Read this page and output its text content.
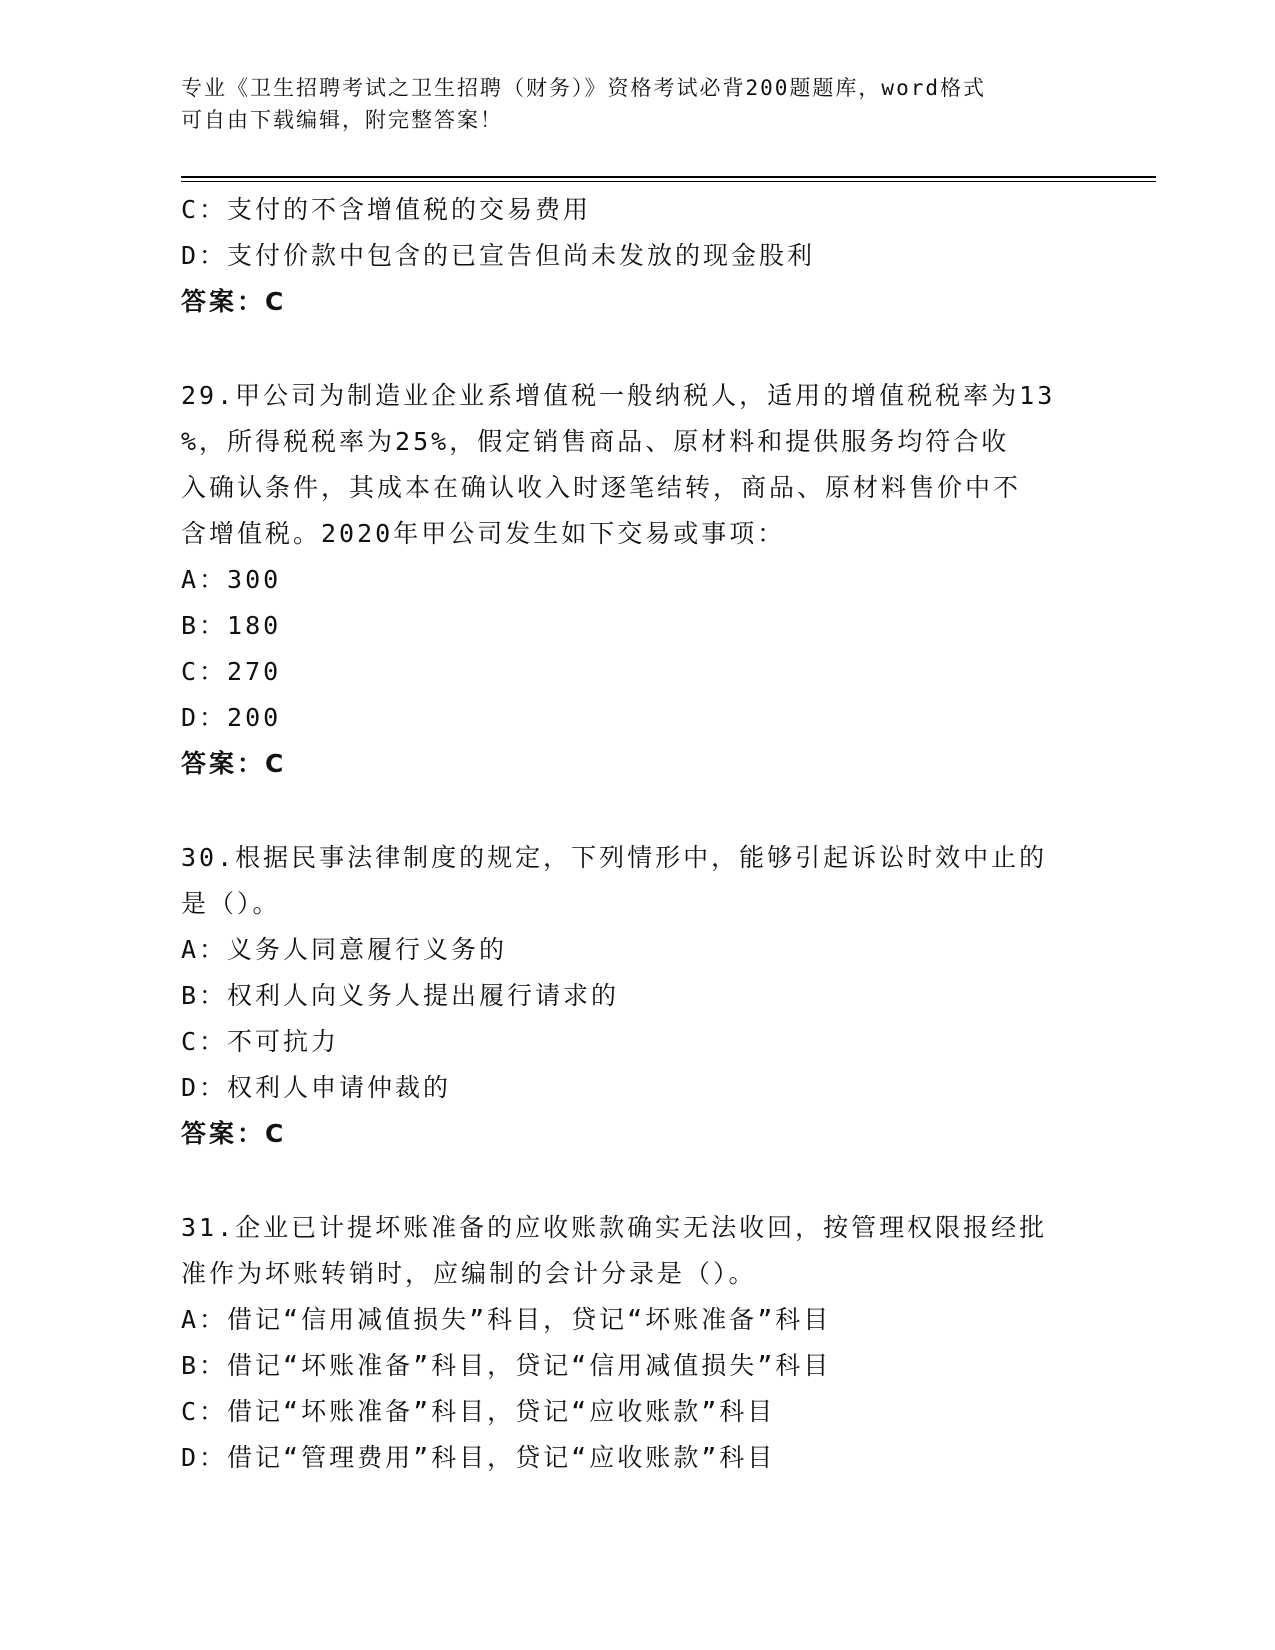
专业《卫生招聘考试之卫生招聘（财务）》资格考试必背200题题库，word格式
可自由下载编辑，附完整答案！
C：支付的不含增值税的交易费用
D：支付价款中包含的已宣告但尚未发放的现金股利
答案：C
29.甲公司为制造业企业系增值税一般纳税人，适用的增值税税率为13
%，所得税税率为25%，假定销售商品、原材料和提供服务均符合收
入确认条件，其成本在确认收入时逐笔结转，商品、原材料售价中不
含增值税。2020年甲公司发生如下交易或事项：
A：300
B：180
C：270
D：200
答案：C
30.根据民事法律制度的规定，下列情形中，能够引起诉讼时效中止的
是（）。
A：义务人同意履行义务的
B：权利人向义务人提出履行请求的
C：不可抗力
D：权利人申请仲裁的
答案：C
31.企业已计提坏账准备的应收账款确实无法收回，按管理权限报经批
准作为坏账转销时，应编制的会计分录是（）。
A：借记“信用减值损失”科目，贷记“坏账准备”科目
B：借记“坏账准备”科目，贷记“信用减值损失”科目
C：借记“坏账准备”科目，贷记“应收账款”科目
D：借记“管理费用”科目，贷记“应收账款”科目
